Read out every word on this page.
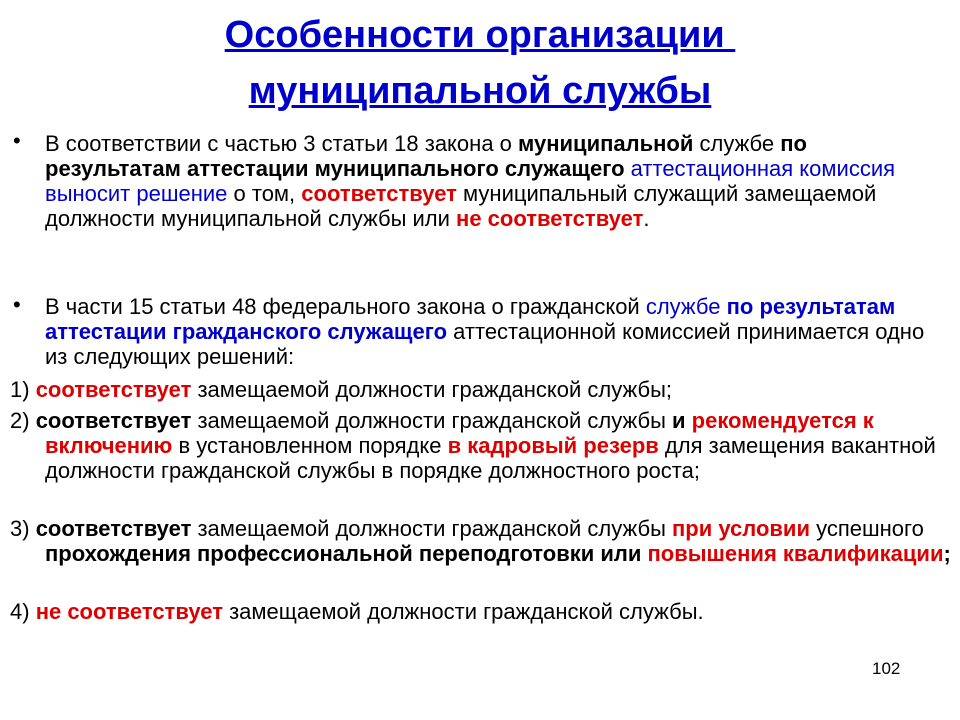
Особенности организации
муниципальной службы
• В соответствии с частью 3 статьи 18 закона о муниципальной службе по результатам аттестации муниципального служащего аттестационная комиссия выносит решение о том, соответствует муниципальный служащий замещаемой должности муниципальной службы или не соответствует.
• В части 15 статьи 48 федерального закона о гражданской службе по результатам аттестации гражданского служащего аттестационной комиссией принимается одно из следующих решений:
1) соответствует замещаемой должности гражданской службы;
2) соответствует замещаемой должности гражданской службы и рекомендуется к включению в установленном порядке в кадровый резерв для замещения вакантной должности гражданской службы в порядке должностного роста;
3) соответствует замещаемой должности гражданской службы при условии успешного прохождения профессиональной переподготовки или повышения квалификации;
4) не соответствует замещаемой должности гражданской службы.
102
